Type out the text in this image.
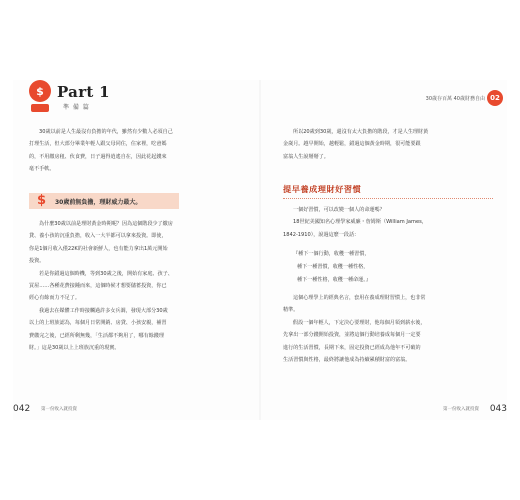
$ Part 1
準 備 篇
30歲以前是人生最沒有負擔的年代，雖然有少數人必須自己
打理生活，但大部分畢業年輕人跟父母同住，住家裡，吃爸媽
的，不用繳房租、伙食費，日子過得逍遙自在，因此花起錢來
毫不手軟。
$ 30歲前無負擔，理財威力最大。
為什麼30歲以前是理財黃金時期呢？因為這個階段少了繳房
貸、養小孩的沉重負擔，收入一大半都可以拿來投資。即使，
你是1個月收入僅22K的社會新鮮人，也有能力拿出1萬元開始
投資。
若是你錯過這個時機，等到30歲之後，開始有家庭、孩子、
買屋……各種花費接踵而來，這個時候才想要儲蓄投資，你已
經心有餘而力不足了。
我過去在媒體工作時接觸過許多女兵調，發現大部分30歲
以上的上班族認為，每個月日常開銷、房貸、小孩安親，補習
費繳完之後，已經所剩無幾，「生活都不夠用了，哪有餘錢理
財。」這是30歲以上上班族沉重的現實。
042 第一份收入就投資
30歲存百萬 40歲財務自由 02
所以20歲到30歲，還沒有太大負擔的階段，才是人生理財黃
金歲月。越早開始，越輕鬆，錯過這個黃金時期，很可能要跟
富翁人生說掰掰了。
提早養成理財好習慣
一個好習慣，可以改變一個人的命運嗎？
18世紀美國知名心理學家威廉・詹姆斯（William James，
1842-1910），說過這麼一段話：
『種下一個行動，收穫一種習慣，
種下一種習慣，收穫一種性格，
種下一種性格，收穫一種命運。』
這個心理學上的經典名言，套用在養成理財習慣上，也非常
精準。
假設一個年輕人，下定決心要理財，他每個月領到薪水後，
先拿出一部分錢開始投資，並將這個行動培養成每個月一定要
進行的生活習慣，長期下來，固定投資已經成為他年不可破的
生活習慣與性格，最終將讓他成為持續累積財富的富翁。
第一份收入就投資 043
